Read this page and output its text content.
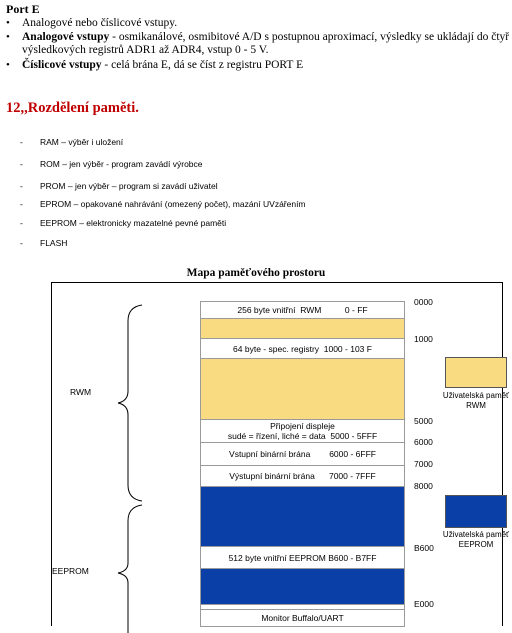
Port E
• Analogové nebo číslicové vstupy.
• Analogové vstupy - osmikanálové, osmibitové A/D s postupnou aproximací, výsledky se ukládají do čtyř výsledkových registrů ADR1 až ADR4, vstup 0 - 5 V.
• Číslicové vstupy - celá brána E, dá se číst z registru PORT E
12,,Rozdělení paměti.
- RAM – výběr i uložení
- ROM – jen výběr - program zavádí výrobce
- PROM – jen výběr – program si zavádí uživatel
- EPROM – opakované nahrávání (omezený počet), mazání UVzářením
- EEPROM – elektronicky mazatelné pevné paměti
- FLASH
Mapa paměťového prostoru
RWM
EEPROM
256 byte vnitřní  RWM          0 - FF
64 byte - spec. registry  1000 - 103 F
Připojení displeje
sudé = řízení, liché = data  5000 - 5FFF
Vstupní binární brána        6000 - 6FFF
Výstupní binární brána      7000 - 7FFF
512 byte vnitřní EEPROM B600 - B7FF
Monitor Buffalo/UART
0000
1000
5000
6000
7000
8000
B600
E000
Uživatelská paměť
RWM
Uživatelská paměť
EEPROM
